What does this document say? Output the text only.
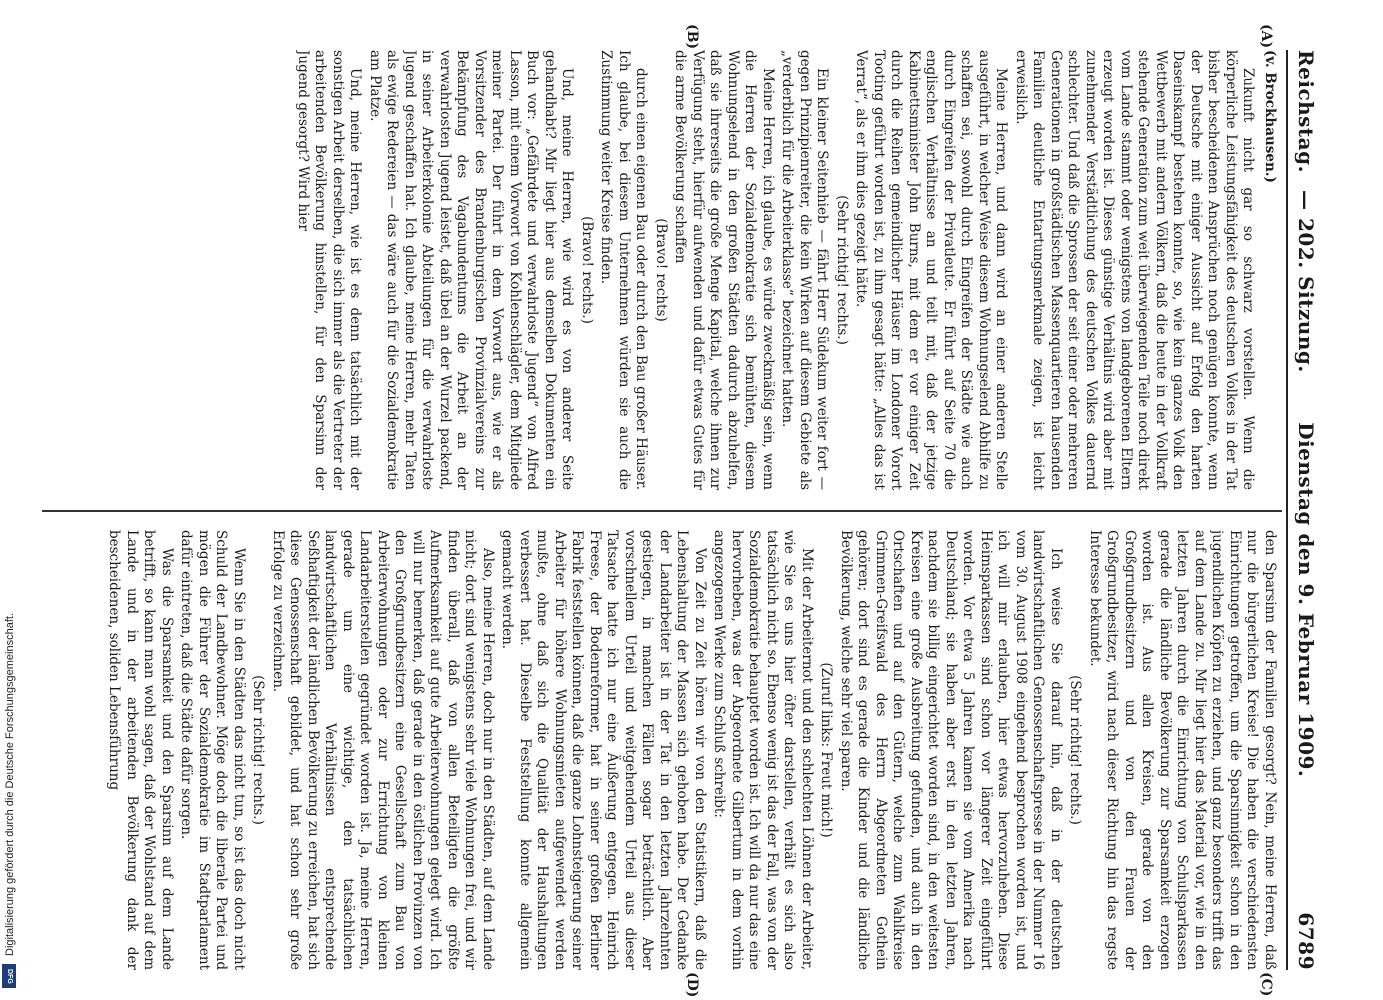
Reichstag.
— 202. Sitzung.
Dienstag den 9. Februar 1909.  6789
(A)
(B)
(C)
(D)
(v. Brockhausen.)

Zukunft nicht gar so schwarz vorstellen. Wenn die körperliche Leistungsfähigkeit des deutschen Volkes in der Tat bisher bescheidenen Ansprüchen noch genügen konnte, wenn der Deutsche mit einiger Aussicht auf Erfolg den harten Daseinskampf bestehen konnte, so, wie kein ganzes Volk den Wettbewerb mit andern Völkern, daß die heute in der Vollkraft stehende Generation zum weit überwiegenden Teile noch direkt vom Lande stammt oder wenigstens von landgeborenen Eltern erzeugt worden ist. Dieses günstige Verhältnis wird aber mit zunehmender Verstädtlichung des deutschen Volkes dauernd schlechter. Und daß die Sprossen der seit einer oder mehreren Generationen in großstädtischen Massenquartieren hausenden Familien deutliche Entartungsmerkmale zeigen, ist leicht erweislich.

Meine Herren, und dann wird an einer anderen Stelle ausgeführt, in welcher Weise diesem Wohnungselend Abhilfe zu schaffen sei, sowohl durch Eingreifen der Städte wie auch durch Eingreifen der Privatleute. Er führt auf Seite 70 die englischen Verhältnisse an und teilt mit, daß der jetzige Kabinettsminister John Burns, mit dem er vor einiger Zeit durch die Reihen gemeindlicher Häuser im Londoner Vorort Tooting geführt worden ist, zu ihm gesagt hätte: „Alles das ist Verrat“, als er ihm dies gezeigt hätte.

(Sehr richtig! rechts.)

Ein kleiner Seitenhieb — fährt Herr Südekum weiter fort — gegen Prinzipienreiter, die kein Wirken auf diesem Gebiete als „verderblich für die Arbeiterklasse“ bezeichnet hatten.

Meine Herren, ich glaube, es würde zweckmäßig sein, wenn die Herren der Sozialdemokratie sich bemühten, diesem Wohnungselend in den großen Städten dadurch abzuhelfen, daß sie ihrerseits die große Menge Kapital, welche ihnen zur Verfügung steht, hierfür aufwenden und dafür etwas Gutes für die arme Bevölkerung schaffen

(Bravo! rechts)

durch einen eigenen Bau oder durch den Bau großer Häuser. Ich glaube, bei diesem Unternehmen würden sie auch die Zustimmung weiter Kreise finden.

(Bravo! rechts.)

Und, meine Herren, wie wird es von anderer Seite gehandhabt? Mir liegt hier aus demselben Dokumenten ein Buch vor: „Gefährdete und verwahrloste Jugend“ von Alfred Lasson, mit einem Vorwort von Kohlenschlägler, dem Mitgliede meiner Partei. Der führt in dem Vorwort aus, wie er als Vorsitzender des Brandenburgischen Provinzialvereins zur Bekämpfung des Vagabundentums die Arbeit an der verwahrlosten Jugend leistet, daß übel an der Wurzel packend, in seiner Arbeiterkolonie Abteilungen für die verwahrloste Jugend geschaffen hat. Ich glaube, meine Herren, mehr Taten als ewige Redereien — das wäre auch für die Sozialdemokratie am Platze.

Und, meine Herren, wie ist es denn tatsächlich mit der sonstigen Arbeit derselben, die sich immer als die Vertreter der arbeitenden Bevölkerung hinstellen, für den Sparsinn der Jugend gesorgt? Wird hier

den Sparsinn der Familien gesorgt? Nein, meine Herren, daß nur die bürgerlichen Kreise! Die haben die verschiedensten Einrichtungen getroffen, um die Sparsinnigkeit schon in den jugendlichen Köpfen zu erziehen, und ganz besonders trifft das auf dem Lande zu. Mir liegt hier das Material vor, wie in den letzten Jahren durch die Einrichtung von Schulsparkassen gerade die ländliche Bevölkerung zur Sparsamkeit erzogen worden ist. Aus allen Kreisen, gerade von den Großgrundbesitzern und von den Frauen der Großgrundbesitzer, wird nach dieser Richtung hin das regste Interesse bekundet.

(Sehr richtig! rechts.)

Ich weise Sie darauf hin, daß in der deutschen landwirtschaftlichen Genossenschaftspresse in der Nummer 16 vom 30. August 1908 eingehend besprochen worden ist, und ich will mir erlauben, hier etwas hervorzuheben. Diese Heimsparkassen sind schon vor längerer Zeit eingeführt worden. Vor etwa 5 Jahren kamen sie vom Amerika nach Deutschland; sie haben aber erst in den letzten Jahren, nachdem sie billig eingerichtet worden sind, in den weitesten Kreisen eine große Ausbreitung gefunden, und auch in den Ortschaften und auf den Gütern, welche zum Wahlkreise Grimmen-Greifswald des Herrn Abgeordneten Gothein gehören; dort sind es gerade die Kinder und die ländliche Bevölkerung, welche sehr viel sparen.

(Zuruf links: Freut mich!)

Mit der Arbeiternot und den schlechten Löhnen der Arbeiter, wie Sie es uns hier öfter darstellen, verhält es sich also tatsächlich nicht so. Ebenso wenig ist das der Fall, was von der Sozialdemokratie behauptet worden ist. Ich will da nur das eine hervorheben, was der Abgeordnete Gilbertum in dem vorhin angezogenen Werke zum Schluß schreibt:

Von Zeit zu Zeit hören wir von den Statistikern, daß die Lebenshaltung der Massen sich gehoben habe. Der Gedanke der Landarbeiter ist in der Tat in den letzten Jahrzehnten gestiegen, in manchen Fällen sogar beträchtlich. Aber vorschnellem Urteil und weitgehendem Urteil aus dieser Tatsache hatte ich nur eine Äußerung entgegen. Heinrich Freese, der Bodenreformer, hat in seiner großen Berliner Fabrik feststellen können, daß die ganze Lohnsteigerung seiner Arbeiter für höhere Wohnungsmieten aufgewendet werden mußte, ohne daß sich die Qualität der Haushaltungen verbessert hat. Dieselbe Feststellung konnte allgemein gemacht werden.

Also, meine Herren, doch nur in den Städten, auf dem Lande nicht; dort sind wenigstens sehr viele Wohnungen frei, und wir finden überall, daß von allen Beteiligten die größte Aufmerksamkeit auf gute Arbeiterwohnungen gelegt wird. Ich will nur bemerken, daß gerade in den östlichen Provinzen von den Großgrundbesitzern eine Gesellschaft zum Bau von Arbeiterwohnungen oder zur Errichtung von kleinen Landarbeiterstellen gegründet worden ist. Ja, meine Herren, gerade um eine wichtige, den tatsächlichen landwirtschaftlichen Verhältnissen entsprechende Seßhaftigkeit der ländlichen Bevölkerung zu erreichen, hat sich diese Genossenschaft gebildet, und hat schon sehr große Erfolge zu verzeichnen.

(Sehr richtig! rechts.)

Wenn Sie in den Städten das nicht tun, so ist das doch nicht Schuld der Landbewohner. Möge doch die liberale Partei und mögen die Führer der Sozialdemokratie im Stadtparlament dafür eintreten, daß die Städte dafür sorgen.

Was die Sparsamkeit und den Sparsinn auf dem Lande betrifft, so kann man wohl sagen, daß der Wohlstand auf dem Lande und in der arbeitenden Bevölkerung dank der bescheidenen, soliden Lebensführung

Digitalisierung gefördert durch die Deutsche Forschungsgemeinschaft.
DFG
